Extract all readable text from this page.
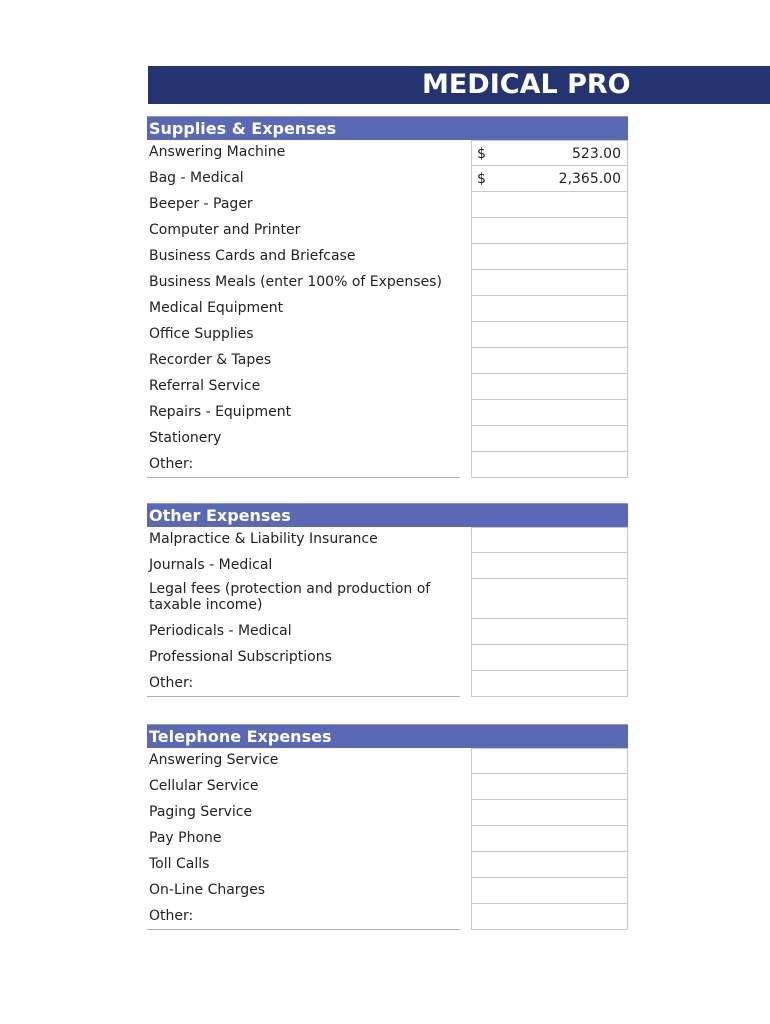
MEDICAL PRO
Supplies & Expenses
Answering Machine	$	523.00
Bag - Medical	$	2,365.00
Beeper - Pager
Computer and Printer
Business Cards and Briefcase
Business Meals (enter 100% of Expenses)
Medical Equipment
Office Supplies
Recorder & Tapes
Referral Service
Repairs - Equipment
Stationery
Other:
Other Expenses
Malpractice & Liability Insurance
Journals - Medical
Legal fees (protection and production of taxable income)
Periodicals - Medical
Professional Subscriptions
Other:
Telephone Expenses
Answering Service
Cellular Service
Paging Service
Pay Phone
Toll Calls
On-Line Charges
Other:
